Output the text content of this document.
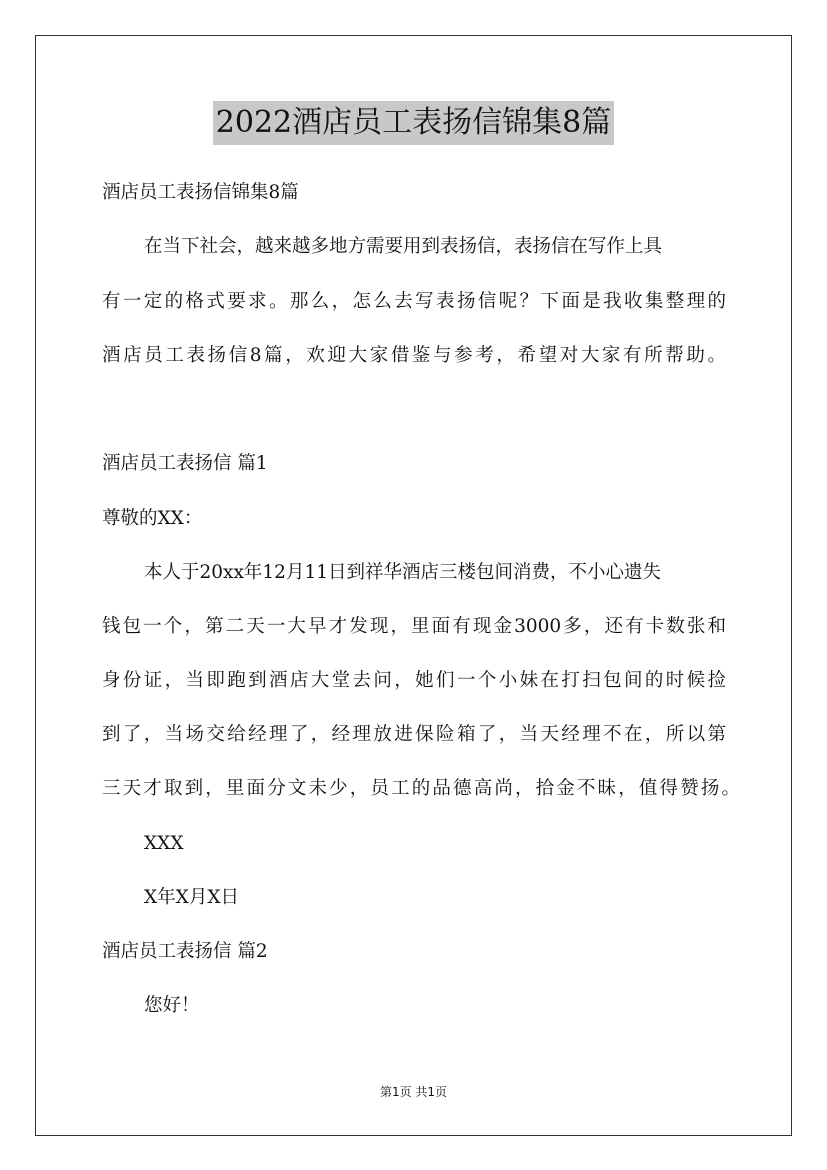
2022酒店员工表扬信锦集8篇

酒店员工表扬信锦集8篇

在当下社会，越来越多地方需要用到表扬信，表扬信在写作上具

有一定的格式要求。那么，怎么去写表扬信呢？下面是我收集整理的

酒店员工表扬信8篇，欢迎大家借鉴与参考，希望对大家有所帮助。

酒店员工表扬信 篇1

尊敬的XX：

本人于20xx年12月11日到祥华酒店三楼包间消费，不小心遗失

钱包一个，第二天一大早才发现，里面有现金3000多，还有卡数张和

身份证，当即跑到酒店大堂去问，她们一个小妹在打扫包间的时候捡

到了，当场交给经理了，经理放进保险箱了，当天经理不在，所以第

三天才取到，里面分文未少，员工的品德高尚，拾金不昧，值得赞扬。

XXX

X年X月X日

酒店员工表扬信 篇2

您好！

第1页 共1页
